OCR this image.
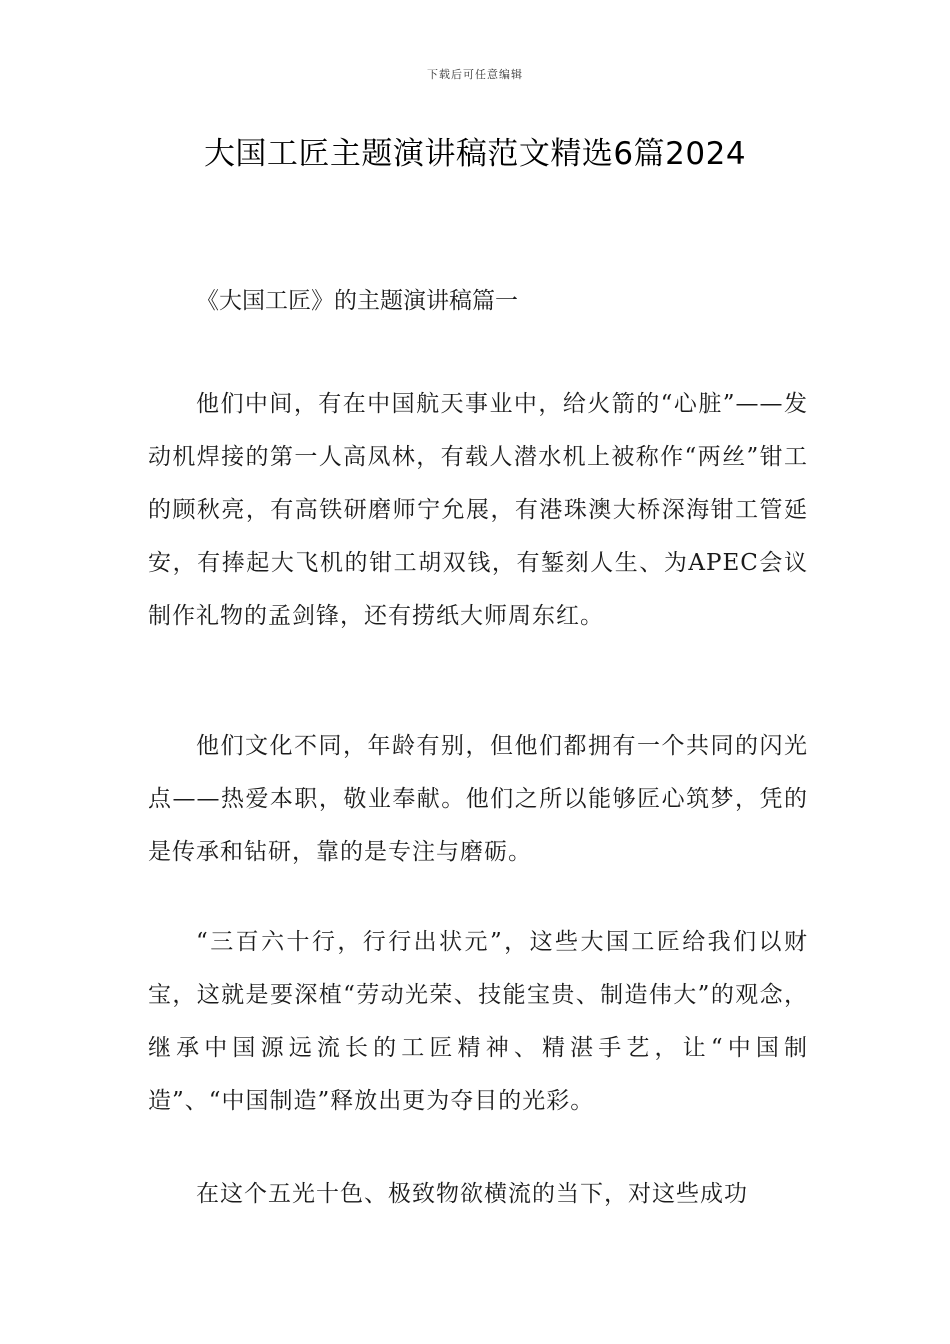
下载后可任意编辑
大国工匠主题演讲稿范文精选6篇2024

《大国工匠》的主题演讲稿篇一

他们中间，有在中国航天事业中，给火箭的“心脏”——发动机焊接的第一人高凤林，有载人潜水机上被称作“两丝”钳工的顾秋亮，有高铁研磨师宁允展，有港珠澳大桥深海钳工管延安，有捧起大飞机的钳工胡双钱，有錾刻人生、为APEC会议制作礼物的孟剑锋，还有捞纸大师周东红。

他们文化不同，年龄有别，但他们都拥有一个共同的闪光点——热爱本职，敬业奉献。他们之所以能够匠心筑梦，凭的是传承和钻研，靠的是专注与磨砺。

“三百六十行，行行出状元”，这些大国工匠给我们以财宝，这就是要深植“劳动光荣、技能宝贵、制造伟大”的观念，继承中国源远流长的工匠精神、精湛手艺，让“中国制造”、“中国制造”释放出更为夺目的光彩。

在这个五光十色、极致物欲横流的当下，对这些成功
